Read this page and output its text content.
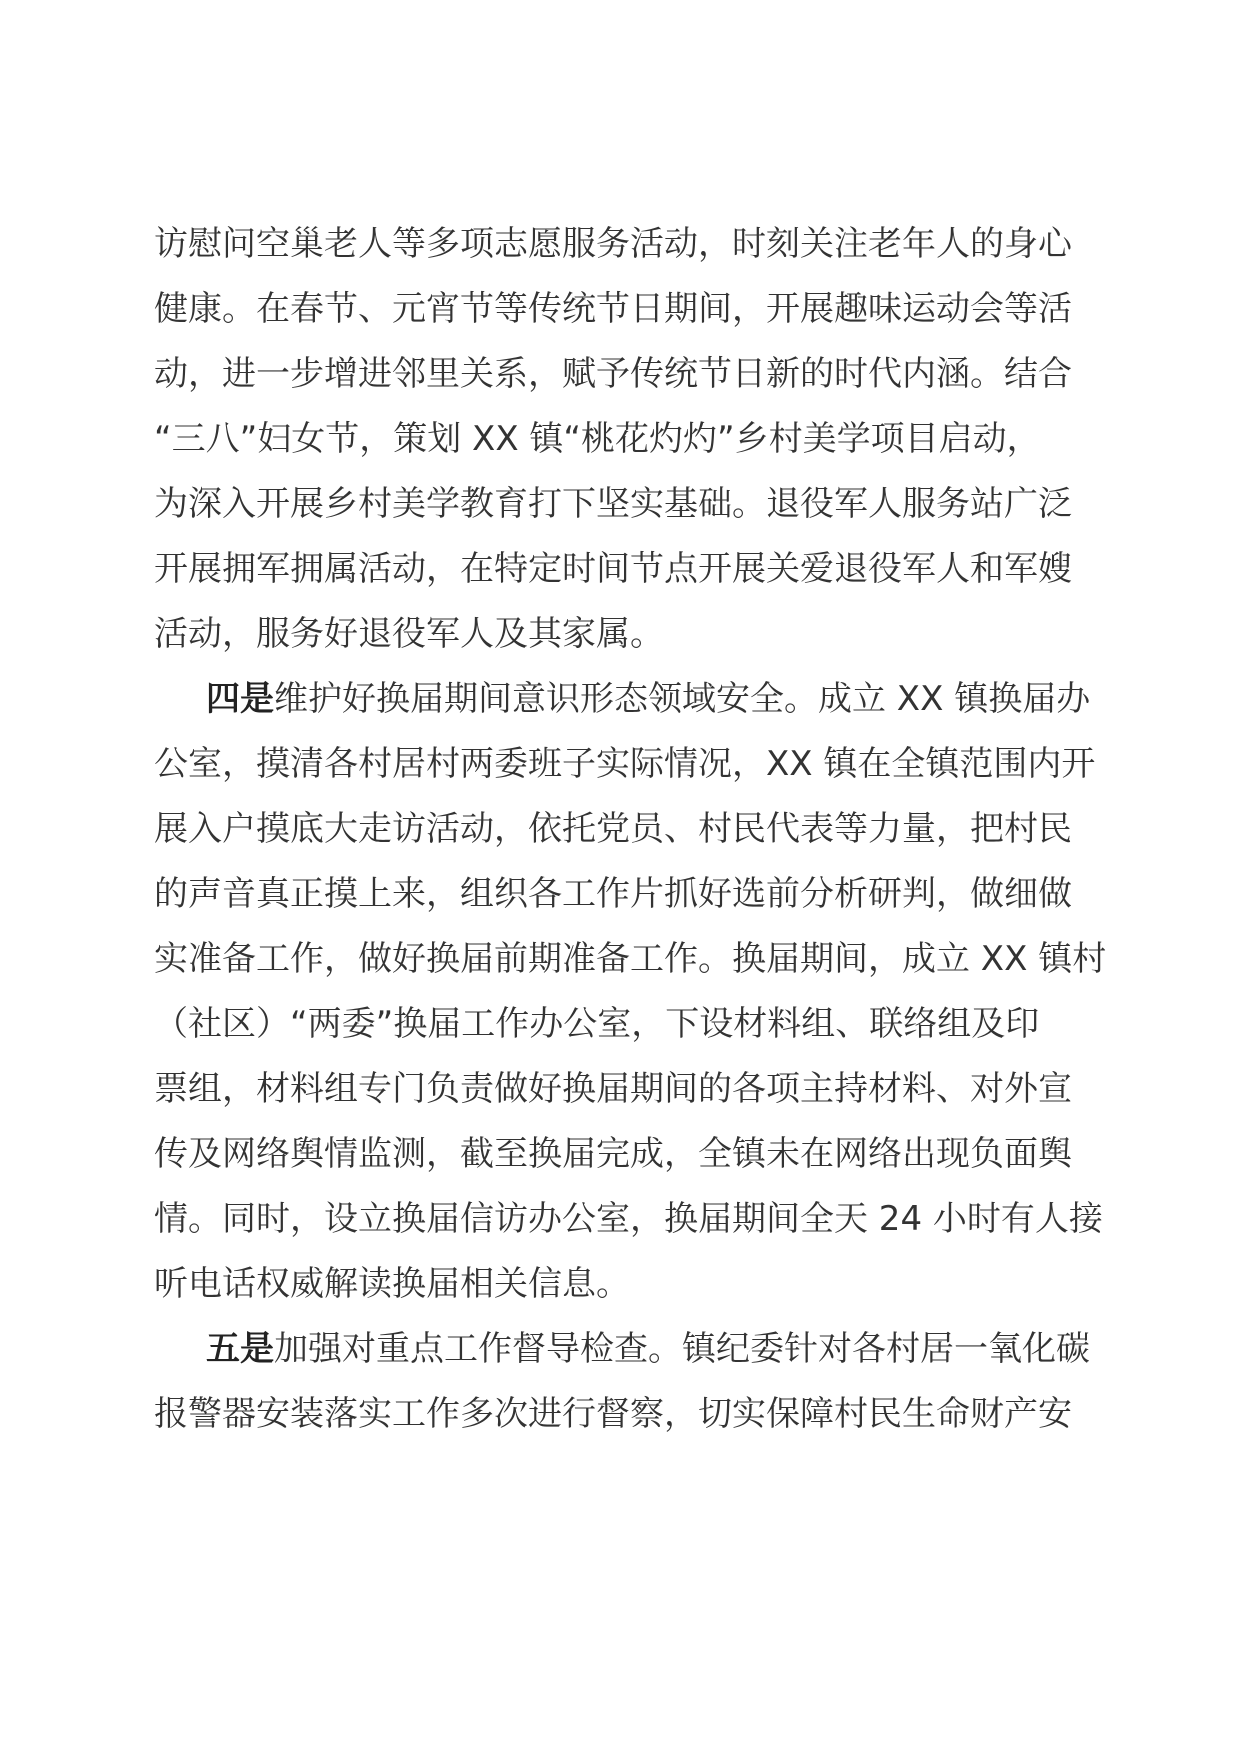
访慰问空巢老人等多项志愿服务活动，时刻关注老年人的身心
健康。在春节、元宵节等传统节日期间，开展趣味运动会等活
动，进一步增进邻里关系，赋予传统节日新的时代内涵。结合
“三八”妇女节，策划 XX 镇“桃花灼灼”乡村美学项目启动，
为深入开展乡村美学教育打下坚实基础。退役军人服务站广泛
开展拥军拥属活动，在特定时间节点开展关爱退役军人和军嫂
活动，服务好退役军人及其家属。
四是维护好换届期间意识形态领域安全。成立 XX 镇换届办
公室，摸清各村居村两委班子实际情况，XX 镇在全镇范围内开
展入户摸底大走访活动，依托党员、村民代表等力量，把村民
的声音真正摸上来，组织各工作片抓好选前分析研判，做细做
实准备工作，做好换届前期准备工作。换届期间，成立 XX 镇村
（社区）“两委”换届工作办公室，下设材料组、联络组及印
票组，材料组专门负责做好换届期间的各项主持材料、对外宣
传及网络舆情监测，截至换届完成，全镇未在网络出现负面舆
情。同时，设立换届信访办公室，换届期间全天 24 小时有人接
听电话权威解读换届相关信息。
五是加强对重点工作督导检查。镇纪委针对各村居一氧化碳
报警器安装落实工作多次进行督察，切实保障村民生命财产安
